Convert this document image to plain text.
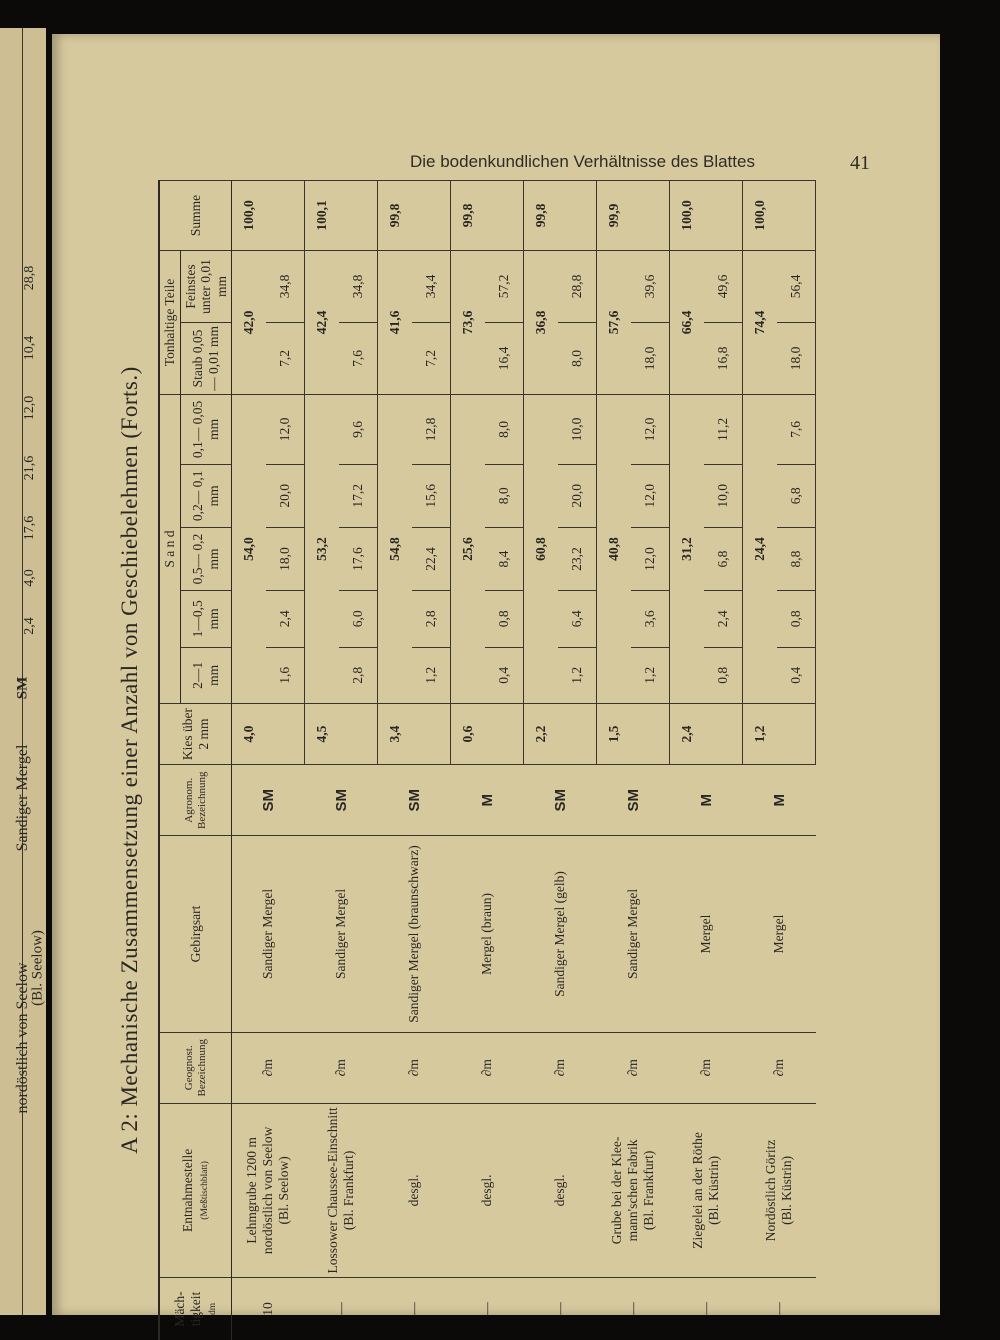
nordöstlich von Seelow
(Bl. Seelow)
Sandiger Mergel
SM
2,4
4,0
17,6
21,6
12,0
10,4
28,8
Die bodenkundlichen Verhältnisse des Blattes	41
A 2: Mechanische Zusammensetzung einer Anzahl von Geschiebelehmen (Forts.)
Mäch- tigkeit dm	Entnahmestelle (Meßtischblatt)	Geognost. Bezeichnung	Gebirgsart	Agronom. Bezeichnung	Kies über 2 mm	S a n d					Tonhaltige Teile		Summe
						2—1 mm	1—0,5 mm	0,5— 0,2 mm	0,2— 0,1 mm	0,1— 0,05 mm	Staub 0,05— 0,01 mm	Feinstes unter 0,01 mm	
10	Lehmgrube 1200 m nordöstlich von Seelow
(Bl. Seelow)	∂m	Sandiger Mergel	SM	4,0	54,0					42,0		100,0
						1,6	2,4	18,0	20,0	12,0	7,2	34,8	
—	Lossower Chaussee-Einschnitt
(Bl. Frankfurt)	∂m	Sandiger Mergel	SM	4,5	53,2					42,4		100,1
						2,8	6,0	17,6	17,2	9,6	7,6	34,8	
—	desgl.	∂m	Sandiger Mergel (braunschwarz)	SM	3,4	54,8					41,6		99,8
						1,2	2,8	22,4	15,6	12,8	7,2	34,4	
—	desgl.	∂m	Mergel (braun)	M	0,6	25,6					73,6		99,8
						0,4	0,8	8,4	8,0	8,0	16,4	57,2	
—	desgl.	∂m	Sandiger Mergel (gelb)	SM	2,2	60,8					36,8		99,8
						1,2	6,4	23,2	20,0	10,0	8,0	28,8	
—	Grube bei der Klee- mann'schen Fabrik
(Bl. Frankfurt)	∂m	Sandiger Mergel	SM	1,5	40,8					57,6		99,9
						1,2	3,6	12,0	12,0	12,0	18,0	39,6	
—	Ziegelei an der Röthe
(Bl. Küstrin)	∂m	Mergel	M	2,4	31,2					66,4		100,0
						0,8	2,4	6,8	10,0	11,2	16,8	49,6	
—	Nordöstlich Göritz
(Bl. Küstrin)	∂m	Mergel	M	1,2	24,4					74,4		100,0
						0,4	0,8	8,8	6,8	7,6	18,0	56,4	
